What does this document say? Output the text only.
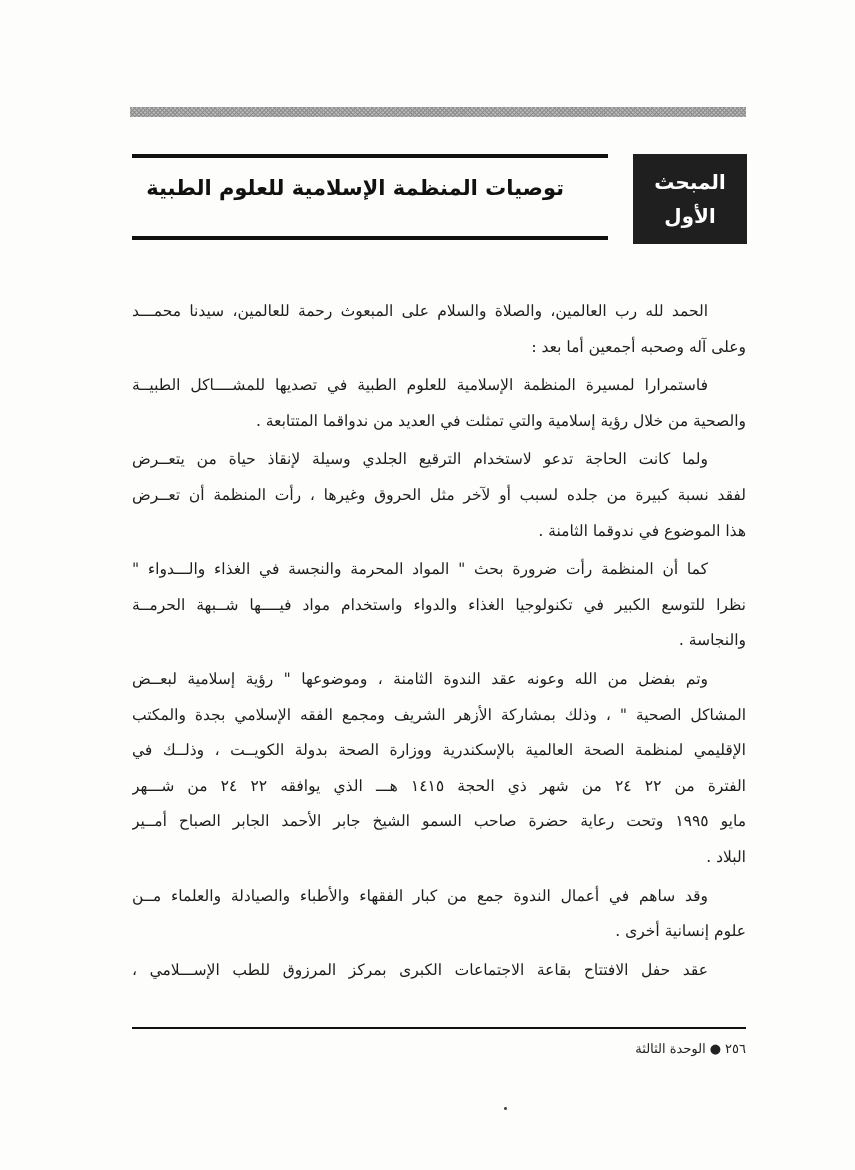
توصيات المنظمة الإسلامية للعلوم الطبية	المبحث
الأول
الحمد لله رب العالمين، والصلاة والسلام على المبعوث رحمة للعالمين، سيدنا محمـــد
وعلى آله وصحبه أجمعين أما بعد :
فاستمرارا لمسيرة المنظمة الإسلامية للعلوم الطبية في تصديها للمشــــاكل الطبيــة
والصحية من خلال رؤية إسلامية والتي تمثلت في العديد من ندواقما المتتابعة .
ولما كانت الحاجة تدعو لاستخدام الترقيع الجلدي وسيلة لإنقاذ حياة من يتعــرض
لفقد نسبة كبيرة من جلده لسبب أو لآخر مثل الحروق وغيرها ، رأت المنظمة أن تعــرض
هذا الموضوع في ندوقما الثامنة .
كما أن المنظمة رأت ضرورة بحث " المواد المحرمة والنجسة في الغذاء والـــدواء "
نظرا للتوسع الكبير في تكنولوجيا الغذاء والدواء واستخدام مواد فيــــها شــبهة الحرمــة
والنجاسة .
وتم بفضل من الله وعونه عقد الندوة الثامنة ، وموضوعها " رؤية إسلامية لبعــض
المشاكل الصحية " ، وذلك بمشاركة الأزهر الشريف ومجمع الفقه الإسلامي بجدة والمكتب
الإقليمي لمنظمة الصحة العالمية بالإسكندرية ووزارة الصحة بدولة الكويــت ، وذلــك في
الفترة من ٢٢ ٢٤ من شهر ذي الحجة ١٤١٥ هـــ الذي يوافقه ٢٢ ٢٤ من شـــهر
مايو ١٩٩٥ وتحت رعاية حضرة صاحب السمو الشيخ جابر الأحمد الجابر الصباح أمــير
البلاد .
وقد ساهم في أعمال الندوة جمع من كبار الفقهاء والأطباء والصيادلة والعلماء مــن
علوم إنسانية أخرى .
عقد حفل الافتتاح بقاعة الاجتماعات الكبرى بمركز المرزوق للطب الإســـلامي ،
٢٥٦●الوحدة الثالثة
